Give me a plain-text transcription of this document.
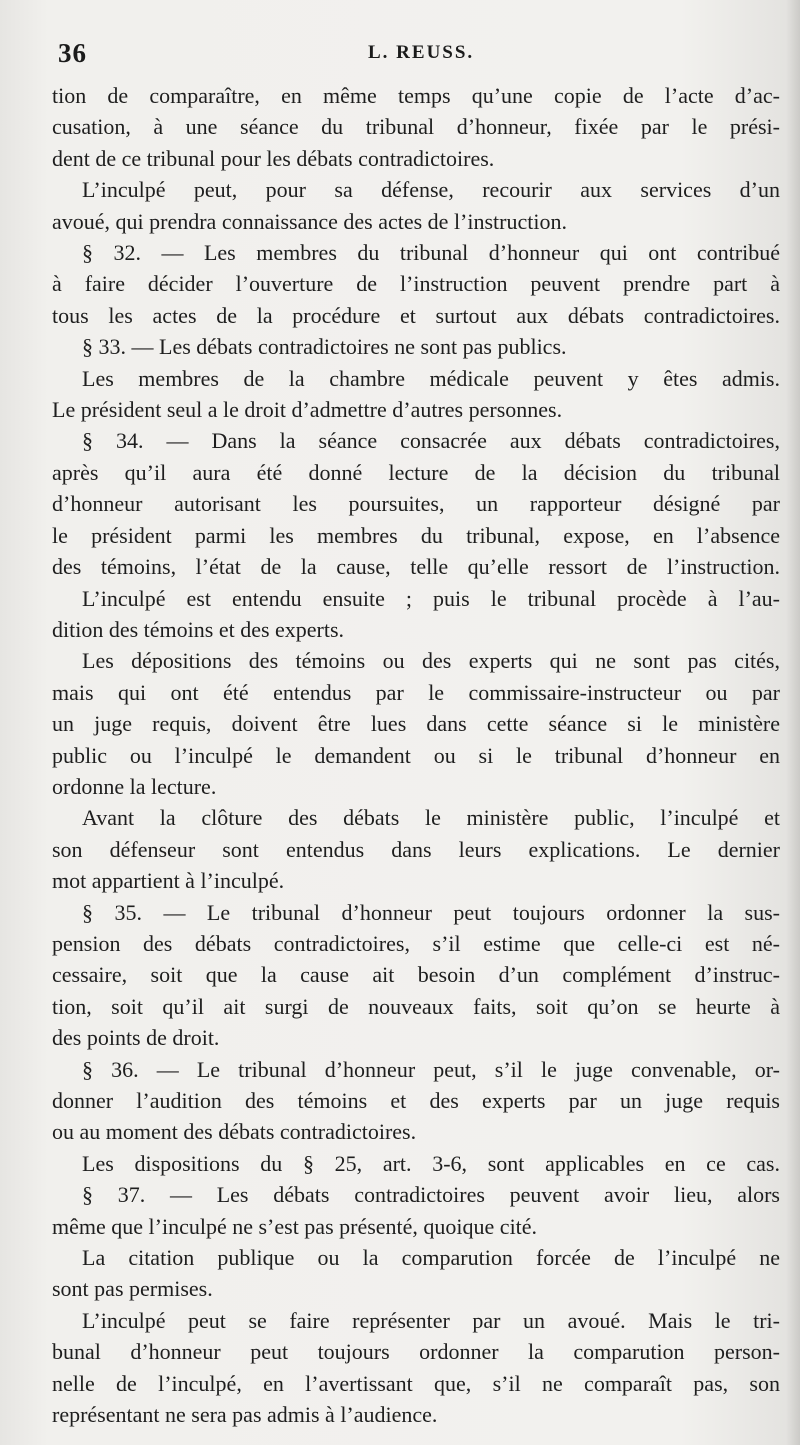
36	L. REUSS.
tion de comparaître, en même temps qu’une copie de l’acte d’ac-
cusation, à une séance du tribunal d’honneur, fixée par le prési-
dent de ce tribunal pour les débats contradictoires.
L’inculpé peut, pour sa défense, recourir aux services d’un
avoué, qui prendra connaissance des actes de l’instruction.
§ 32. — Les membres du tribunal d’honneur qui ont contribué
à faire décider l’ouverture de l’instruction peuvent prendre part à
tous les actes de la procédure et surtout aux débats contradictoires.
§ 33. — Les débats contradictoires ne sont pas publics.
Les membres de la chambre médicale peuvent y êtes admis.
Le président seul a le droit d’admettre d’autres personnes.
§ 34. — Dans la séance consacrée aux débats contradictoires,
après qu’il aura été donné lecture de la décision du tribunal
d’honneur autorisant les poursuites, un rapporteur désigné par
le président parmi les membres du tribunal, expose, en l’absence
des témoins, l’état de la cause, telle qu’elle ressort de l’instruction.
L’inculpé est entendu ensuite ; puis le tribunal procède à l’au-
dition des témoins et des experts.
Les dépositions des témoins ou des experts qui ne sont pas cités,
mais qui ont été entendus par le commissaire-instructeur ou par
un juge requis, doivent être lues dans cette séance si le ministère
public ou l’inculpé le demandent ou si le tribunal d’honneur en
ordonne la lecture.
Avant la clôture des débats le ministère public, l’inculpé et
son défenseur sont entendus dans leurs explications. Le dernier
mot appartient à l’inculpé.
§ 35. — Le tribunal d’honneur peut toujours ordonner la sus-
pension des débats contradictoires, s’il estime que celle-ci est né-
cessaire, soit que la cause ait besoin d’un complément d’instruc-
tion, soit qu’il ait surgi de nouveaux faits, soit qu’on se heurte à
des points de droit.
§ 36. — Le tribunal d’honneur peut, s’il le juge convenable, or-
donner l’audition des témoins et des experts par un juge requis
ou au moment des débats contradictoires.
Les dispositions du § 25, art. 3-6, sont applicables en ce cas.
§ 37. — Les débats contradictoires peuvent avoir lieu, alors
même que l’inculpé ne s’est pas présenté, quoique cité.
La citation publique ou la comparution forcée de l’inculpé ne
sont pas permises.
L’inculpé peut se faire représenter par un avoué. Mais le tri-
bunal d’honneur peut toujours ordonner la comparution person-
nelle de l’inculpé, en l’avertissant que, s’il ne comparaît pas, son
représentant ne sera pas admis à l’audience.
